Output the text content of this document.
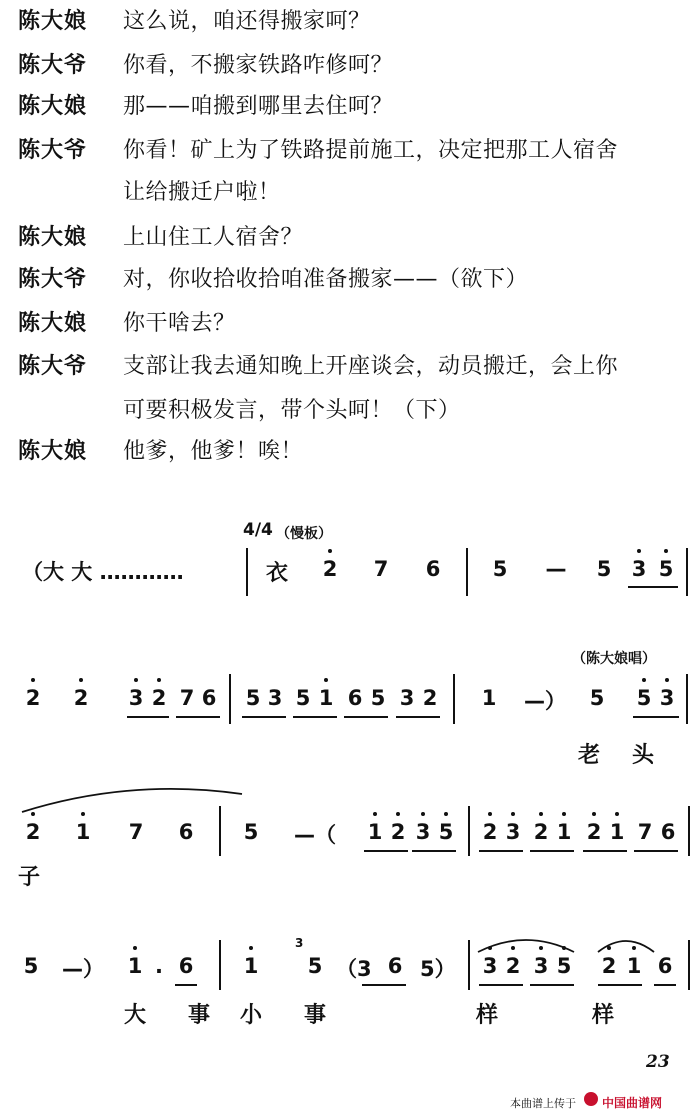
陈大娘 这么说，咱还得搬家呵？
陈大爷 你看，不搬家铁路咋修呵？
陈大娘 那——咱搬到哪里去住呵？
陈大爷 你看！矿上为了铁路提前施工，决定把那工人宿舍
让给搬迁户啦！
陈大娘 上山住工人宿舍？
陈大爷 对，你收拾收拾咱准备搬家——（欲下）
陈大娘 你干啥去？
陈大爷 支部让我去通知晚上开座谈会，动员搬迁，会上你
可要积极发言，带个头呵！（下）
陈大娘 他爹，他爹！唉！
（大 大 …………
4/4 （慢板）
衣 2 7 6 5 — 5 3 5
（陈大娘唱）
2 2 3 2 7 6 5 3 5 1 6 5 3 2 1 —） 5 5 3
老 头
2 1 7 6 5 —（ 1 2 3 5 2 3 2 1 2 1 7 6
子
5 —） 1 . 6 1
3
5 （3 6 5） 3 2 3 5 2 1 6
大 事 小 事	样	样
23
本曲谱上传于 中国曲谱网
